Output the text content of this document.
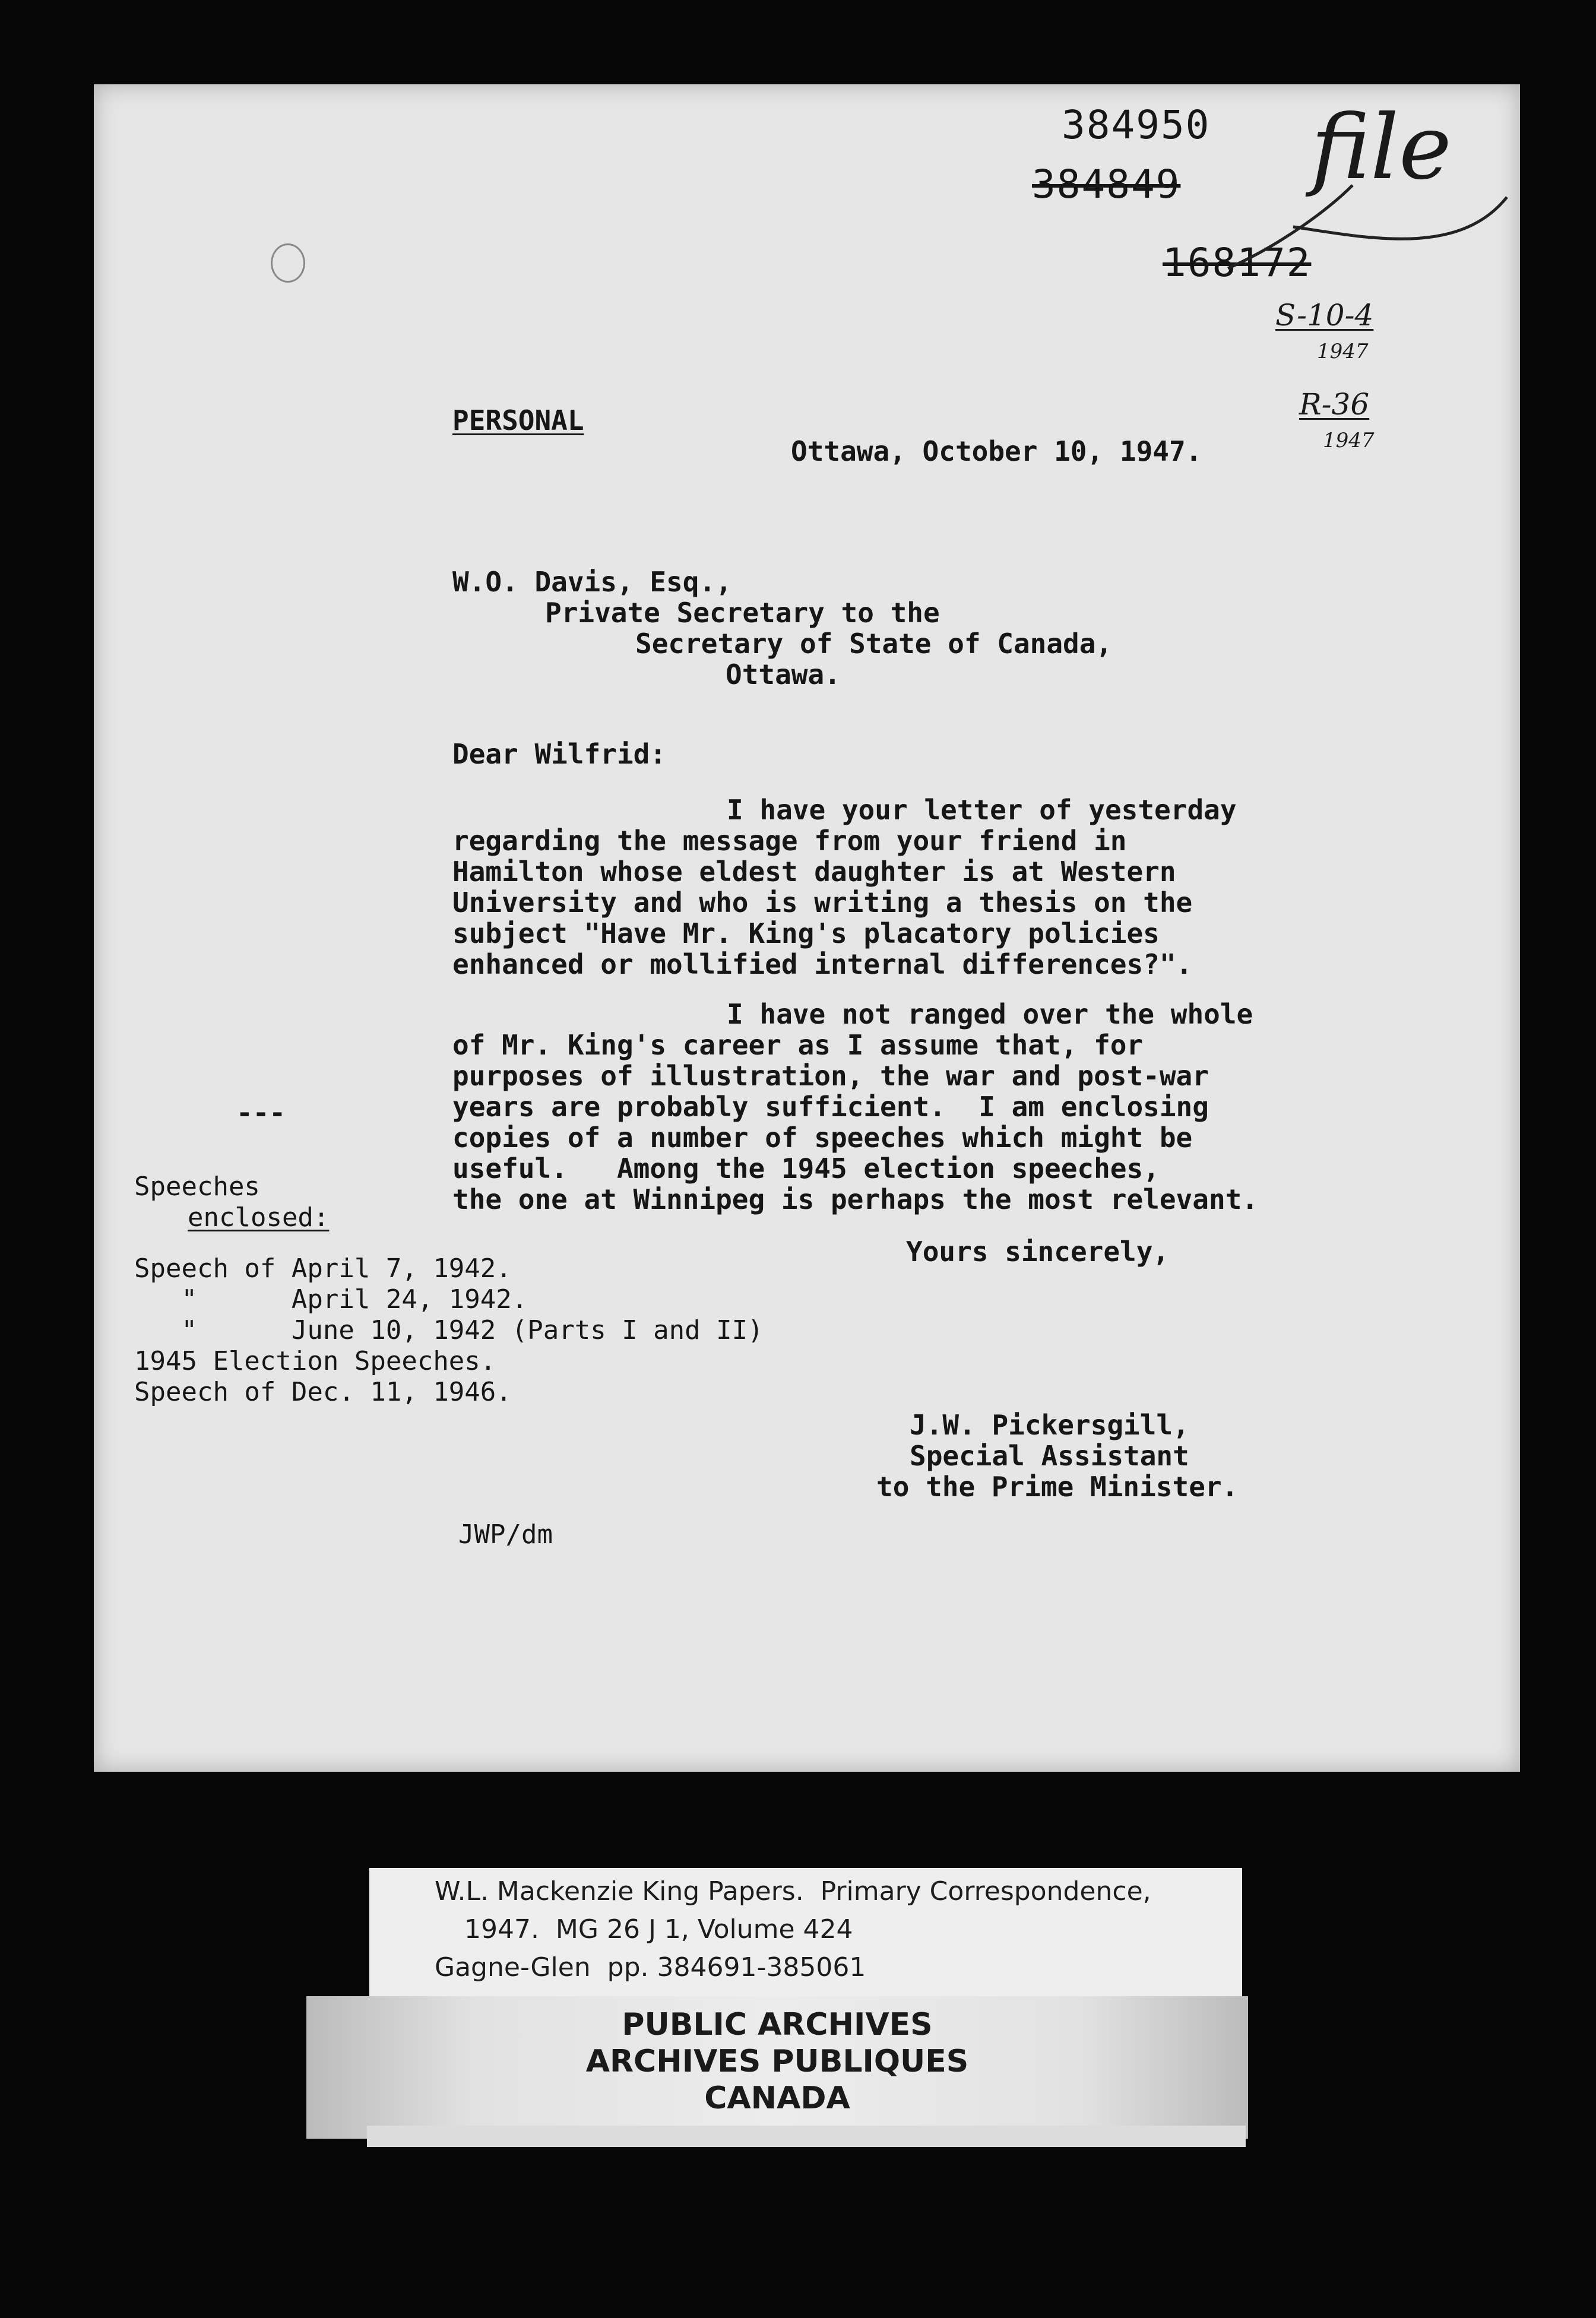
384950
384849
168172
file
S-10-4
1947
R-36
1947
PERSONAL
Ottawa, October 10, 1947.
W.O. Davis, Esq.,
Private Secretary to the
Secretary of State of Canada,
Ottawa.
Dear Wilfrid:
I have your letter of yesterday
regarding the message from your friend in
Hamilton whose eldest daughter is at Western
University and who is writing a thesis on the
subject "Have Mr. King's placatory policies
enhanced or mollified internal differences?".
I have not ranged over the whole
of Mr. King's career as I assume that, for
purposes of illustration, the war and post-war
years are probably sufficient.  I am enclosing
copies of a number of speeches which might be
useful.   Among the 1945 election speeches,
the one at Winnipeg is perhaps the most relevant.
Yours sincerely,
---
Speeches
enclosed:
Speech of April 7, 1942.
"      April 24, 1942.
"      June 10, 1942 (Parts I and II)
1945 Election Speeches.
Speech of Dec. 11, 1946.
J.W. Pickersgill,
Special Assistant
to the Prime Minister.
JWP/dm
W.L. Mackenzie King Papers.  Primary Correspondence,
1947.  MG 26 J 1, Volume 424
Gagne-Glen  pp. 384691-385061
PUBLIC ARCHIVES
ARCHIVES PUBLIQUES
CANADA
